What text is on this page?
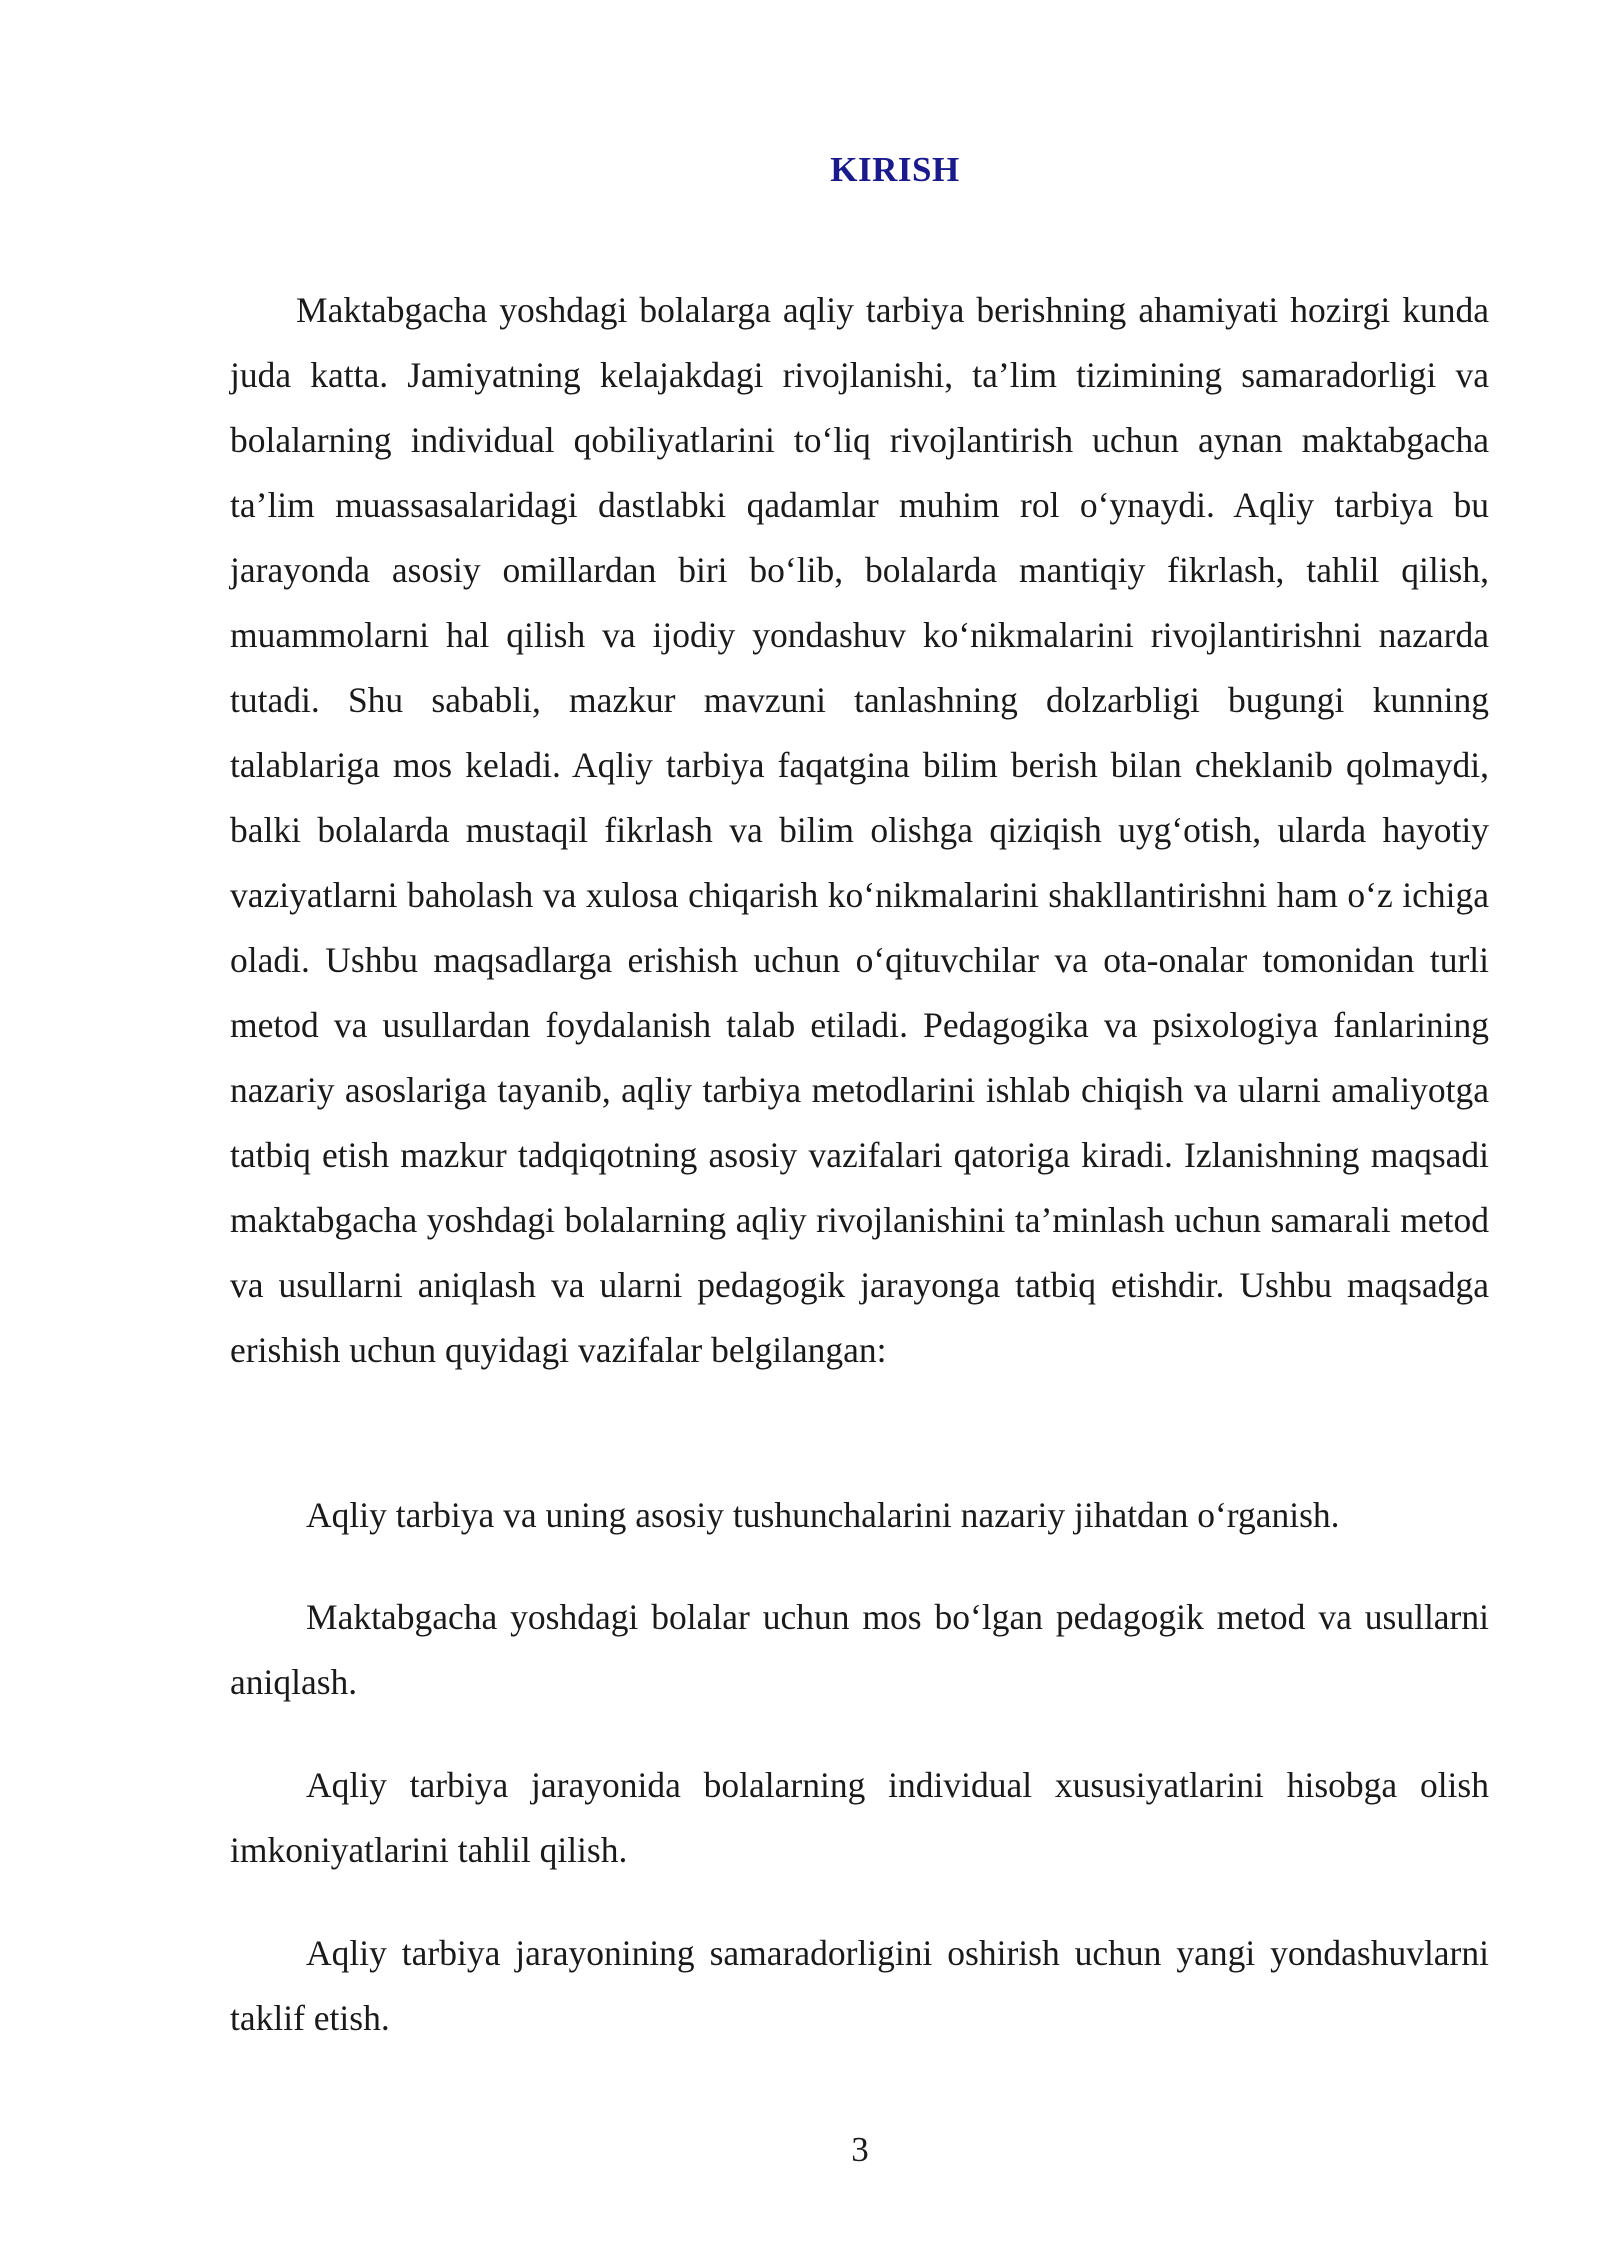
KIRISH

Maktabgacha yoshdagi bolalarga aqliy tarbiya berishning ahamiyati hozirgi kunda juda katta. Jamiyatning kelajakdagi rivojlanishi, ta’lim tizimining samaradorligi va bolalarning individual qobiliyatlarini to‘liq rivojlantirish uchun aynan maktabgacha ta’lim muassasalaridagi dastlabki qadamlar muhim rol o‘ynaydi. Aqliy tarbiya bu jarayonda asosiy omillardan biri bo‘lib, bolalarda mantiqiy fikrlash, tahlil qilish, muammolarni hal qilish va ijodiy yondashuv ko‘nikmalarini rivojlantirishni nazarda tutadi. Shu sababli, mazkur mavzuni tanlashning dolzarbligi bugungi kunning talablariga mos keladi. Aqliy tarbiya faqatgina bilim berish bilan cheklanib qolmaydi, balki bolalarda mustaqil fikrlash va bilim olishga qiziqish uyg‘otish, ularda hayotiy vaziyatlarni baholash va xulosa chiqarish ko‘nikmalarini shakllantirishni ham o‘z ichiga oladi. Ushbu maqsadlarga erishish uchun o‘qituvchilar va ota-onalar tomonidan turli metod va usullardan foydalanish talab etiladi. Pedagogika va psixologiya fanlarining nazariy asoslariga tayanib, aqliy tarbiya metodlarini ishlab chiqish va ularni amaliyotga tatbiq etish mazkur tadqiqotning asosiy vazifalari qatoriga kiradi. Izlanishning maqsadi maktabgacha yoshdagi bolalarning aqliy rivojlanishini ta’minlash uchun samarali metod va usullarni aniqlash va ularni pedagogik jarayonga tatbiq etishdir. Ushbu maqsadga erishish uchun quyidagi vazifalar belgilangan:

Aqliy tarbiya va uning asosiy tushunchalarini nazariy jihatdan o‘rganish.

Maktabgacha yoshdagi bolalar uchun mos bo‘lgan pedagogik metod va usullarni aniqlash.

Aqliy tarbiya jarayonida bolalarning individual xususiyatlarini hisobga olish imkoniyatlarini tahlil qilish.

Aqliy tarbiya jarayonining samaradorligini oshirish uchun yangi yondashuvlarni taklif etish.

3
